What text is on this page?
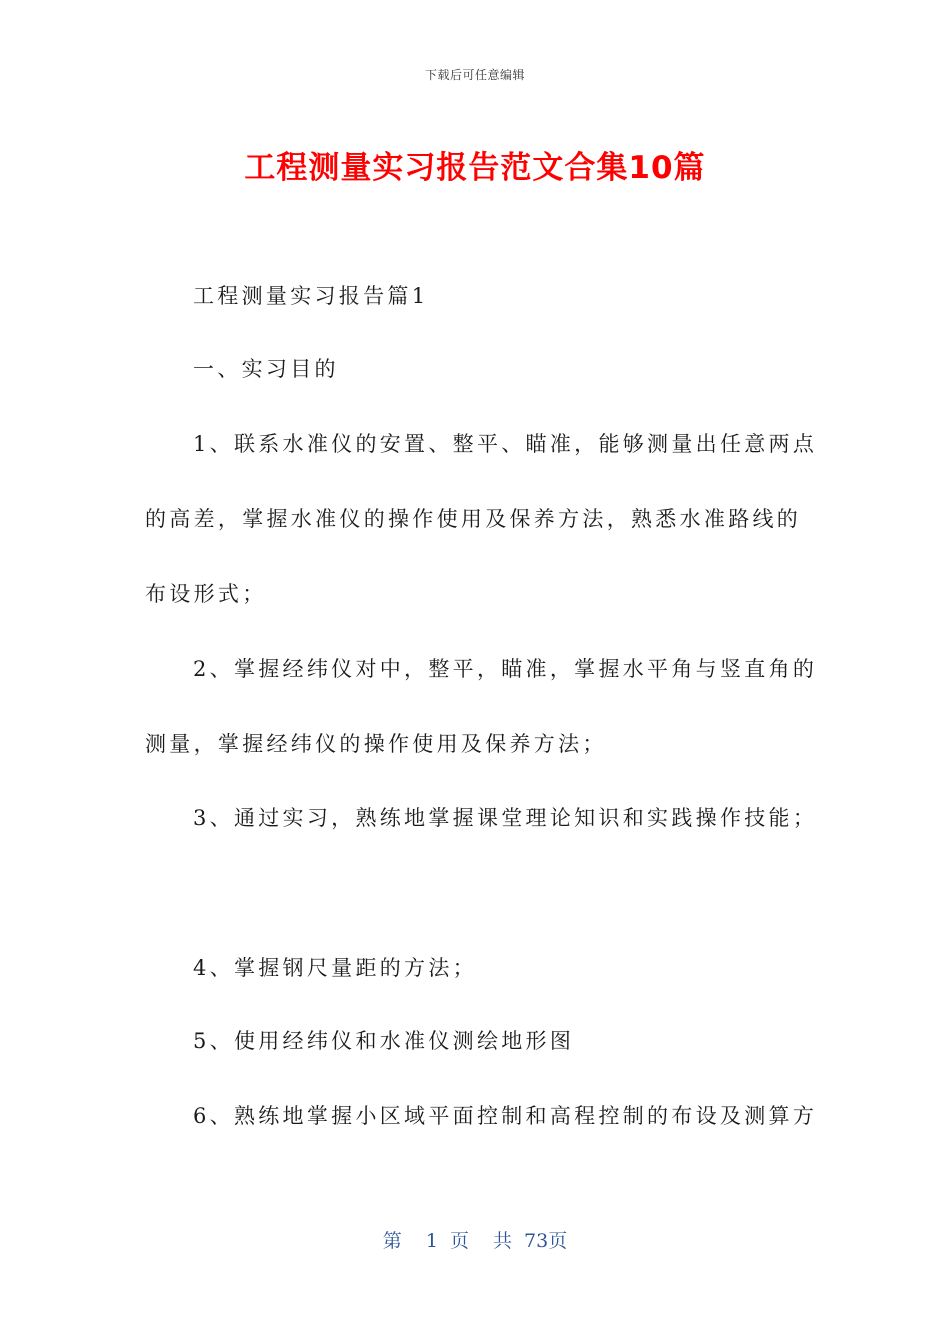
下载后可任意编辑
工程测量实习报告范文合集10篇
工程测量实习报告篇1
一、实习目的
1、联系水准仪的安置、整平、瞄准，能够测量出任意两点
的高差，掌握水准仪的操作使用及保养方法，熟悉水准路线的
布设形式；
2、掌握经纬仪对中，整平，瞄准，掌握水平角与竖直角的
测量，掌握经纬仪的操作使用及保养方法；
3、通过实习，熟练地掌握课堂理论知识和实践操作技能；
4、掌握钢尺量距的方法；
5、使用经纬仪和水准仪测绘地形图
6、熟练地掌握小区域平面控制和高程控制的布设及测算方
第  1 页  共 73页
